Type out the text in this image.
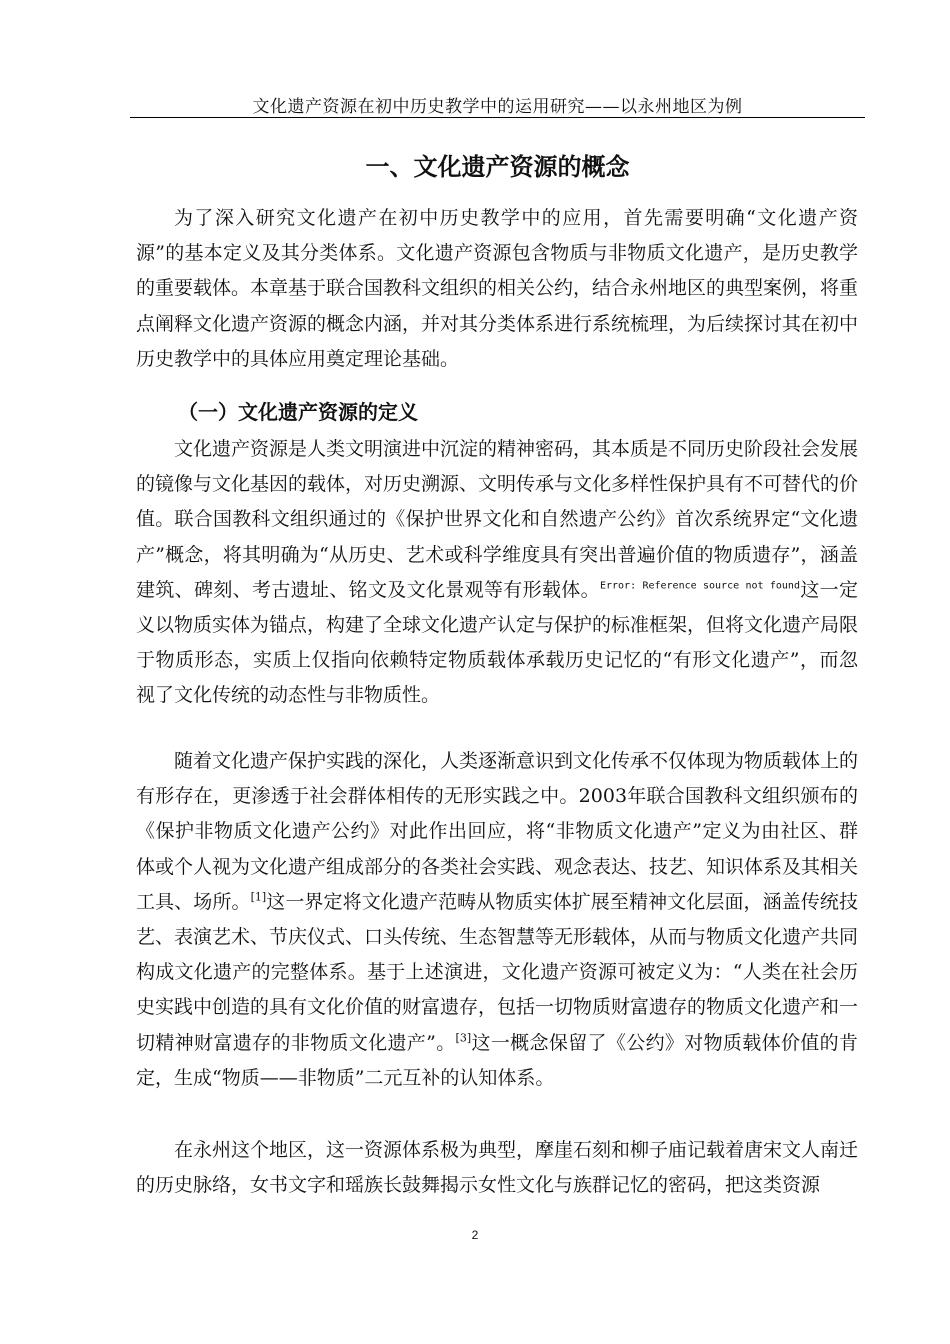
文化遗产资源在初中历史教学中的运用研究——以永州地区为例
一、文化遗产资源的概念

为了深入研究文化遗产在初中历史教学中的应用，首先需要明确“文化遗产资源”的基本定义及其分类体系。文化遗产资源包含物质与非物质文化遗产，是历史教学的重要载体。本章基于联合国教科文组织的相关公约，结合永州地区的典型案例，将重点阐释文化遗产资源的概念内涵，并对其分类体系进行系统梳理，为后续探讨其在初中历史教学中的具体应用奠定理论基础。

（一）文化遗产资源的定义

文化遗产资源是人类文明演进中沉淀的精神密码，其本质是不同历史阶段社会发展的镜像与文化基因的载体，对历史溯源、文明传承与文化多样性保护具有不可替代的价值。联合国教科文组织通过的《保护世界文化和自然遗产公约》首次系统界定“文化遗产”概念，将其明确为“从历史、艺术或科学维度具有突出普遍价值的物质遗存”，涵盖建筑、碑刻、考古遗址、铭文及文化景观等有形载体。$^{Error: Reference source not found}$这一定义以物质实体为锚点，构建了全球文化遗产认定与保护的标准框架，但将文化遗产局限于物质形态，实质上仅指向依赖特定物质载体承载历史记忆的“有形文化遗产”，而忽视了文化传统的动态性与非物质性。

随着文化遗产保护实践的深化，人类逐渐意识到文化传承不仅体现为物质载体上的有形存在，更渗透于社会群体相传的无形实践之中。2003年联合国教科文组织颁布的《保护非物质文化遗产公约》对此作出回应，将“非物质文化遗产”定义为由社区、群体或个人视为文化遗产组成部分的各类社会实践、观念表达、技艺、知识体系及其相关工具、场所。[1]这一界定将文化遗产范畴从物质实体扩展至精神文化层面，涵盖传统技艺、表演艺术、节庆仪式、口头传统、生态智慧等无形载体，从而与物质文化遗产共同构成文化遗产的完整体系。基于上述演进，文化遗产资源可被定义为：“人类在社会历史实践中创造的具有文化价值的财富遗存，包括一切物质财富遗存的物质文化遗产和一切精神财富遗存的非物质文化遗产”。[3]这一概念保留了《公约》对物质载体价值的肯定，生成“物质——非物质”二元互补的认知体系。

在永州这个地区，这一资源体系极为典型，摩崖石刻和柳子庙记载着唐宋文人南迁的历史脉络，女书文字和瑶族长鼓舞揭示女性文化与族群记忆的密码，把这类资源

2
